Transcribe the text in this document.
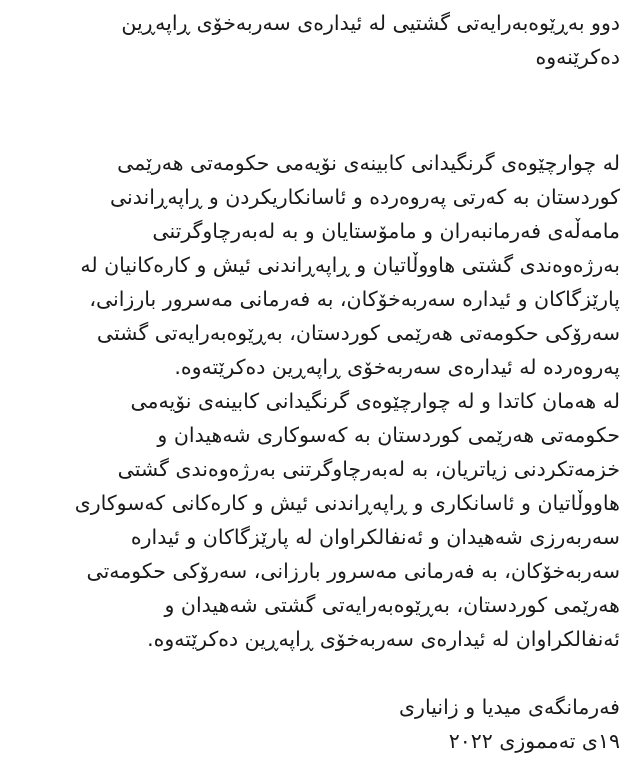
دوو بەڕێوەبەرایەتی گشتیی لە ئیدارەی سەربەخۆی ڕاپەڕین
دەکرێنەوە
لە چوارچێوەی گرنگیدانی کابینەی نۆیەمی حکومەتی هەرێمی
کوردستان بە کەرتی پەروەردە و ئاسانکاریکردن و ڕاپەڕاندنی
مامەڵەی فەرمانبەران و مامۆستایان و بە لەبەرچاوگرتنی
بەرژەوەندی گشتی هاووڵاتیان و ڕاپەڕاندنی ئیش و کارەکانیان لە
پارێزگاکان و ئیدارە سەربەخۆکان، بە فەرمانی مەسرور بارزانی،
سەرۆکی حکومەتی هەرێمی کوردستان، بەڕێوەبەرایەتی گشتی
پەروەردە لە ئیدارەی سەربەخۆی ڕاپەڕین دەکرێتەوە.
لە هەمان کاتدا و لە چوارچێوەی گرنگیدانی کابینەی نۆیەمی
حکومەتی هەرێمی کوردستان بە کەسوکاری شەهیدان و
خزمەتکردنی زیاتریان، بە لەبەرچاوگرتنی بەرژەوەندی گشتی
هاووڵاتیان و ئاسانکاری و ڕاپەڕاندنی ئیش و کارەکانی کەسوکاری
سەربەرزی شەهیدان و ئەنفالکراوان لە پارێزگاکان و ئیدارە
سەربەخۆکان، بە فەرمانی مەسرور بارزانی، سەرۆکی حکومەتی
هەرێمی کوردستان، بەڕێوەبەرایەتی گشتی شەهیدان و
ئەنفالکراوان لە ئیدارەی سەربەخۆی ڕاپەڕین دەکرێتەوە.
فەرمانگەی میدیا و زانیاری
١٩ی تەمموزی ٢٠٢٢
